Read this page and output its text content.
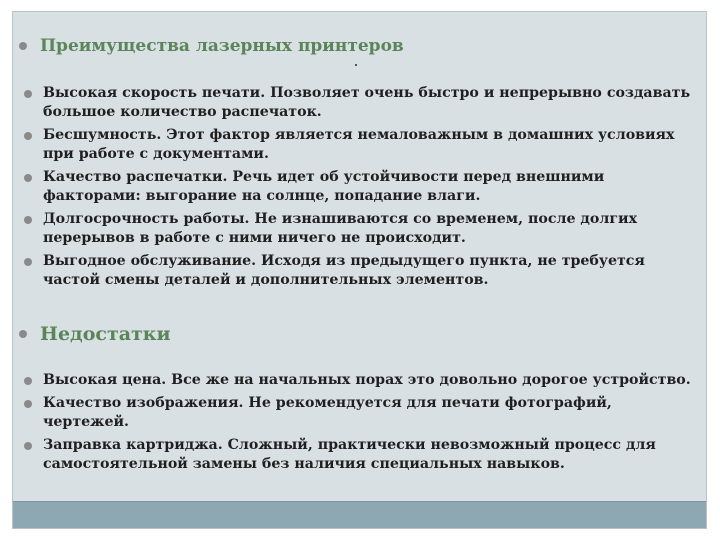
Преимущества лазерных принтеров
Высокая скорость печати. Позволяет очень быстро и непрерывно создавать большое количество распечаток.
Бесшумность. Этот фактор является немаловажным в домашних условиях при работе с документами.
Качество распечатки. Речь идет об устойчивости перед внешними факторами: выгорание на солнце, попадание влаги.
Долгосрочность работы. Не изнашиваются со временем, после долгих перерывов в работе с ними ничего не происходит.
Выгодное обслуживание. Исходя из предыдущего пункта, не требуется частой смены деталей и дополнительных элементов.
Недостатки
Высокая цена. Все же на начальных порах это довольно дорогое устройство.
Качество изображения. Не рекомендуется для печати фотографий, чертежей.
Заправка картриджа. Сложный, практически невозможный процесс для самостоятельной замены без наличия специальных навыков.
